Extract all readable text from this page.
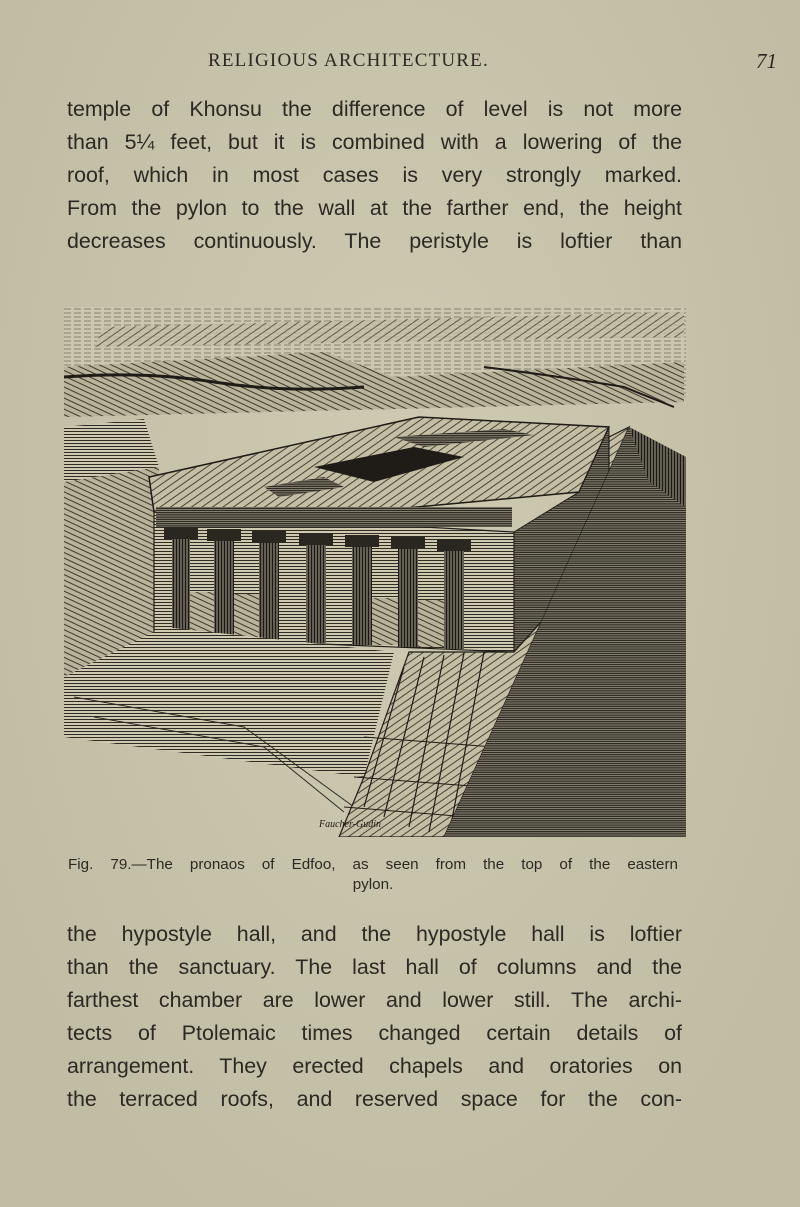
RELIGIOUS ARCHITECTURE.	71
temple of Khonsu the difference of level is not more
than 5¼ feet, but it is combined with a lowering of the
roof, which in most cases is very strongly marked.
From the pylon to the wall at the farther end, the height
decreases continuously. The peristyle is loftier than
Faucher-Gudin
Fig. 79.—The pronaos of Edfoo, as seen from the top of the eastern
pylon.
the hypostyle hall, and the hypostyle hall is loftier
than the sanctuary. The last hall of columns and the
farthest chamber are lower and lower still. The archi-
tects of Ptolemaic times changed certain details of
arrangement. They erected chapels and oratories on
the terraced roofs, and reserved space for the con-
